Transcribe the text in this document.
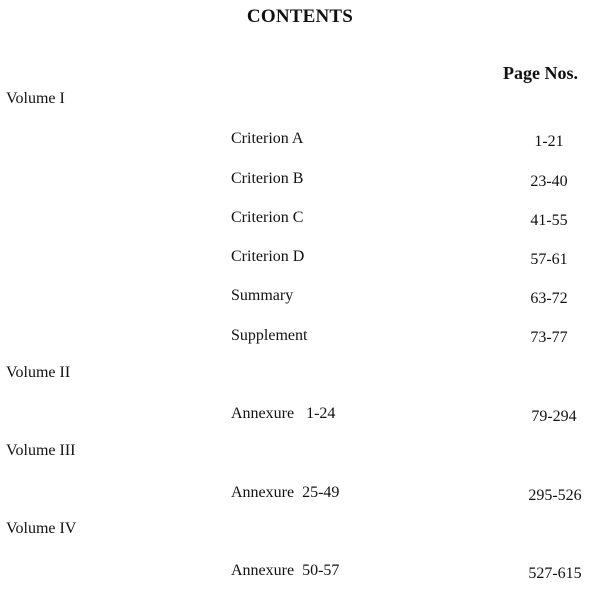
CONTENTS
Page Nos.
Volume I
Criterion A	1-21
Criterion B	23-40
Criterion C	41-55
Criterion D	57-61
Summary	63-72
Supplement	73-77
Volume II
Annexure   1-24	79-294
Volume III
Annexure  25-49	295-526
Volume IV
Annexure  50-57	527-615
